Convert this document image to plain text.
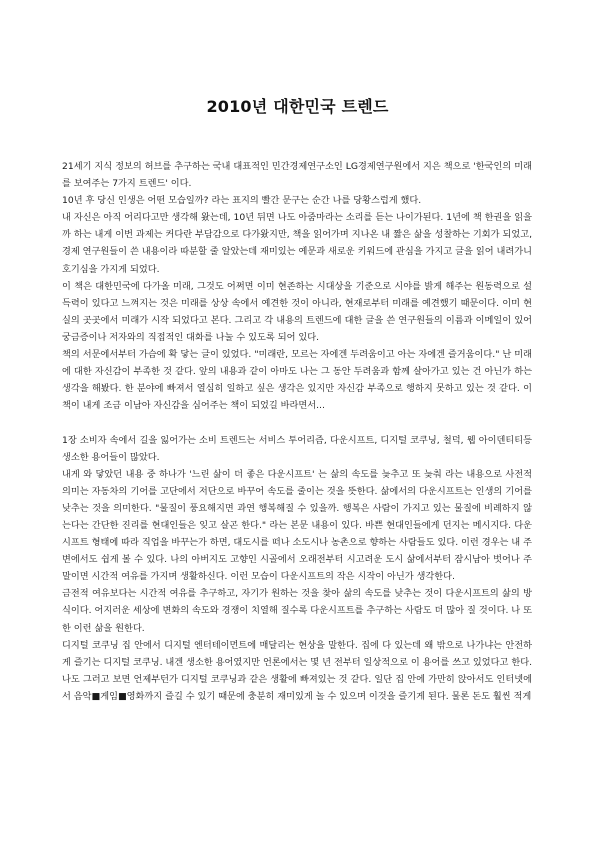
2010년 대한민국 트렌드

21세기 지식 정보의 허브를 추구하는 국내 대표적인 민간경제연구소인 LG경제연구원에서 지은 책으로 '한국인의 미래를 보여주는 7가지 트렌드' 이다.

10년 후 당신 인생은 어떤 모습일까? 라는 표지의 빨간 문구는 순간 나를 당황스럽게 했다.

내 자신은 아직 어리다고만 생각해 왔는데, 10년 뒤면 나도 아줌마라는 소리를 듣는 나이가된다. 1년에 책 한권을 읽을까 하는 내게 이번 과제는 커다란 부담감으로 다가왔지만, 책을 읽어가며 지나온 내 짧은 삶을 성찰하는 기회가 되었고, 경제 연구원들이 쓴 내용이라 따분할 줄 알았는데 재미있는 예문과 새로운 키워드에 관심을 가지고 글을 읽어 내려가니 호기심을 가지게 되었다.

이 책은 대한민국에 다가올 미래, 그것도 어쩌면 이미 현존하는 시대상을 기준으로 시야를 밝게 해주는 원동력으로 설득력이 있다고 느껴지는 것은 미래를 상상 속에서 예견한 것이 아니라, 현재로부터 미래를 예견했기 때문이다. 이미 현실의 곳곳에서 미래가 시작 되었다고 본다. 그리고 각 내용의 트렌드에 대한 글을 쓴 연구원들의 이름과 이메일이 있어 궁금증이나 저자와의 직접적인 대화를 나눌 수 있도록 되어 있다.

책의 서문에서부터 가슴에 확 닿는 글이 있었다. "미래란, 모르는 자에겐 두려움이고 아는 자에겐 즐거움이다." 난 미래에 대한 자신감이 부족한 것 같다. 앞의 내용과 같이 아마도 나는 그 동안 두려움과 함께 살아가고 있는 건 아닌가 하는 생각을 해봤다. 한 분야에 빠져서 열심히 일하고 싶은 생각은 있지만 자신감 부족으로 행하지 못하고 있는 것 같다. 이 책이 내게 조금 이남아 자신감을 심어주는 책이 되었길 바라면서...

1장 소비자 속에서 길을 잃어가는 소비 트렌드는 서비스 투어리즘, 다운시프트, 디지털 코쿠닝, 철덕, 웹 아이덴티티등 생소한 용어들이 많았다.

내게 와 닿았던 내용 중 하나가 '느린 삶이 더 좋은 다운시프트' 는 삶의 속도를 늦추고 또 늦춰 라는 내용으로 사전적 의미는 자동차의 기어를 고단에서 저단으로 바꾸어 속도를 줄이는 것을 뜻한다. 삶에서의 다운시프트는 인생의 기어를 낮추는 것을 의미한다. "물질이 풍요해지면 과연 행복해질 수 있을까. 행복은 사람이 가지고 있는 물질에 비례하지 않는다는 간단한 진리를 현대인들은 잊고 살곤 한다." 라는 본문 내용이 있다. 바쁜 현대인들에게 던지는 메시지다. 다운시프트 형태에 따라 직업을 바꾸는가 하면, 대도시를 떠나 소도시나 농촌으로 향하는 사람들도 있다. 이런 경우는 내 주변에서도 쉽게 볼 수 있다. 나의 아버지도 고향인 시골에서 오래전부터 시고려운 도시 삶에서부터 잠시남아 벗어나 주말이면 시간적 여유를 가지며 생활하신다. 이런 모습이 다운시프트의 작은 시작이 아닌가 생각한다.

금전적 여유보다는 시간적 여유를 추구하고, 자기가 원하는 것을 찾아 삶의 속도를 낮추는 것이 다운시프트의 삶의 방식이다. 어지러운 세상에 변화의 속도와 경쟁이 치열해 질수록 다운시프트를 추구하는 사람도 더 많아 질 것이다. 나 또한 이런 삶을 원한다.

디지털 코쿠닝 집 안에서 디지털 엔터테이먼트에 매달리는 현상을 말한다. 집에 다 있는데 왜 밖으로 나가냐는 안전하게 즐기는 디지털 코쿠닝. 내겐 생소한 용어였지만 언론에서는 몇 년 전부터 일상적으로 이 용어를 쓰고 있었다고 한다. 나도 그러고 보면 언제부턴가 디지털 코쿠닝과 같은 생활에 빠져있는 것 같다. 일단 집 안에 가만히 앉아서도 인터넷에서 음악■게임■영화까지 즐길 수 있기 때문에 충분히 재미있게 놀 수 있으며 이것을 즐기게 된다. 물론 돈도 훨씬 적게
